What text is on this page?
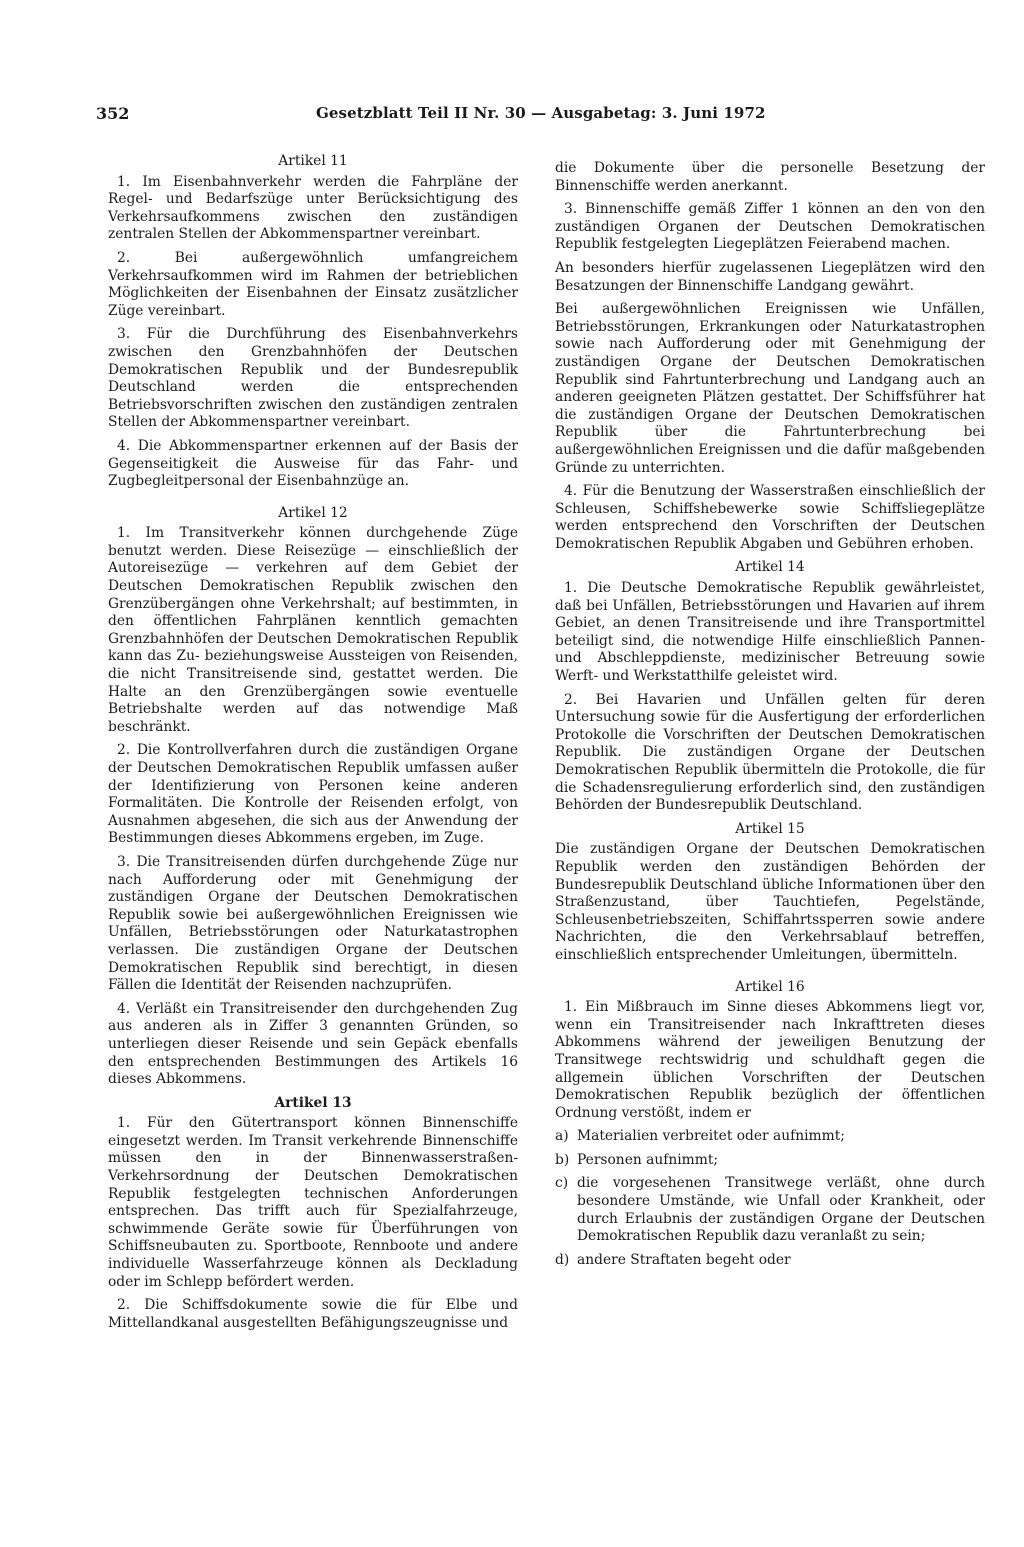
352	Gesetzblatt Teil II Nr. 30 — Ausgabetag: 3. Juni 1972
Artikel 11

1. Im Eisenbahnverkehr werden die Fahrpläne der Regel- und Bedarfszüge unter Berücksichtigung des Verkehrsaufkommens zwischen den zuständigen zentralen Stellen der Abkommenspartner vereinbart.

2. Bei außergewöhnlich umfangreichem Verkehrsaufkommen wird im Rahmen der betrieblichen Möglichkeiten der Eisenbahnen der Einsatz zusätzlicher Züge vereinbart.

3. Für die Durchführung des Eisenbahnverkehrs zwischen den Grenzbahnhöfen der Deutschen Demokratischen Republik und der Bundesrepublik Deutschland werden die entsprechenden Betriebsvorschriften zwischen den zuständigen zentralen Stellen der Abkommenspartner vereinbart.

4. Die Abkommenspartner erkennen auf der Basis der Gegenseitigkeit die Ausweise für das Fahr- und Zugbegleitpersonal der Eisenbahnzüge an.

Artikel 12

1. Im Transitverkehr können durchgehende Züge benutzt werden. Diese Reisezüge — einschließlich der Autoreisezüge — verkehren auf dem Gebiet der Deutschen Demokratischen Republik zwischen den Grenzübergängen ohne Verkehrshalt; auf bestimmten, in den öffentlichen Fahrplänen kenntlich gemachten Grenzbahnhöfen der Deutschen Demokratischen Republik kann das Zu- beziehungsweise Aussteigen von Reisenden, die nicht Transitreisende sind, gestattet werden. Die Halte an den Grenzübergängen sowie eventuelle Betriebshalte werden auf das notwendige Maß beschränkt.

2. Die Kontrollverfahren durch die zuständigen Organe der Deutschen Demokratischen Republik umfassen außer der Identifizierung von Personen keine anderen Formalitäten. Die Kontrolle der Reisenden erfolgt, von Ausnahmen abgesehen, die sich aus der Anwendung der Bestimmungen dieses Abkommens ergeben, im Zuge.

3. Die Transitreisenden dürfen durchgehende Züge nur nach Aufforderung oder mit Genehmigung der zuständigen Organe der Deutschen Demokratischen Republik sowie bei außergewöhnlichen Ereignissen wie Unfällen, Betriebsstörungen oder Naturkatastrophen verlassen. Die zuständigen Organe der Deutschen Demokratischen Republik sind berechtigt, in diesen Fällen die Identität der Reisenden nachzuprüfen.

4. Verläßt ein Transitreisender den durchgehenden Zug aus anderen als in Ziffer 3 genannten Gründen, so unterliegen dieser Reisende und sein Gepäck ebenfalls den entsprechenden Bestimmungen des Artikels 16 dieses Abkommens.

Artikel 13

1. Für den Gütertransport können Binnenschiffe eingesetzt werden. Im Transit verkehrende Binnenschiffe müssen den in der Binnenwasserstraßen-Verkehrsordnung der Deutschen Demokratischen Republik festgelegten technischen Anforderungen entsprechen. Das trifft auch für Spezialfahrzeuge, schwimmende Geräte sowie für Überführungen von Schiffsneubauten zu. Sportboote, Rennboote und andere individuelle Wasserfahrzeuge können als Deckladung oder im Schlepp befördert werden.

2. Die Schiffsdokumente sowie die für Elbe und Mittellandkanal ausgestellten Befähigungszeugnisse und

die Dokumente über die personelle Besetzung der Binnenschiffe werden anerkannt.

3. Binnenschiffe gemäß Ziffer 1 können an den von den zuständigen Organen der Deutschen Demokratischen Republik festgelegten Liegeplätzen Feierabend machen.

An besonders hierfür zugelassenen Liegeplätzen wird den Besatzungen der Binnenschiffe Landgang gewährt.

Bei außergewöhnlichen Ereignissen wie Unfällen, Betriebsstörungen, Erkrankungen oder Naturkatastrophen sowie nach Aufforderung oder mit Genehmigung der zuständigen Organe der Deutschen Demokratischen Republik sind Fahrtunterbrechung und Landgang auch an anderen geeigneten Plätzen gestattet. Der Schiffsführer hat die zuständigen Organe der Deutschen Demokratischen Republik über die Fahrtunterbrechung bei außergewöhnlichen Ereignissen und die dafür maßgebenden Gründe zu unterrichten.

4. Für die Benutzung der Wasserstraßen einschließlich der Schleusen, Schiffshebewerke sowie Schiffsliegeplätze werden entsprechend den Vorschriften der Deutschen Demokratischen Republik Abgaben und Gebühren erhoben.

Artikel 14

1. Die Deutsche Demokratische Republik gewährleistet, daß bei Unfällen, Betriebsstörungen und Havarien auf ihrem Gebiet, an denen Transitreisende und ihre Transportmittel beteiligt sind, die notwendige Hilfe einschließlich Pannen- und Abschleppdienste, medizinischer Betreuung sowie Werft- und Werkstatthilfe geleistet wird.

2. Bei Havarien und Unfällen gelten für deren Untersuchung sowie für die Ausfertigung der erforderlichen Protokolle die Vorschriften der Deutschen Demokratischen Republik. Die zuständigen Organe der Deutschen Demokratischen Republik übermitteln die Protokolle, die für die Schadensregulierung erforderlich sind, den zuständigen Behörden der Bundesrepublik Deutschland.

Artikel 15

Die zuständigen Organe der Deutschen Demokratischen Republik werden den zuständigen Behörden der Bundesrepublik Deutschland übliche Informationen über den Straßenzustand, über Tauchtiefen, Pegelstände, Schleusenbetriebszeiten, Schiffahrtssperren sowie andere Nachrichten, die den Verkehrsablauf betreffen, einschließlich entsprechender Umleitungen, übermitteln.

Artikel 16

1. Ein Mißbrauch im Sinne dieses Abkommens liegt vor, wenn ein Transitreisender nach Inkrafttreten dieses Abkommens während der jeweiligen Benutzung der Transitwege rechtswidrig und schuldhaft gegen die allgemein üblichen Vorschriften der Deutschen Demokratischen Republik bezüglich der öffentlichen Ordnung verstößt, indem er

a) Materialien verbreitet oder aufnimmt;
b) Personen aufnimmt;
c) die vorgesehenen Transitwege verläßt, ohne durch besondere Umstände, wie Unfall oder Krankheit, oder durch Erlaubnis der zuständigen Organe der Deutschen Demokratischen Republik dazu veranlaßt zu sein;
d) andere Straftaten begeht oder
